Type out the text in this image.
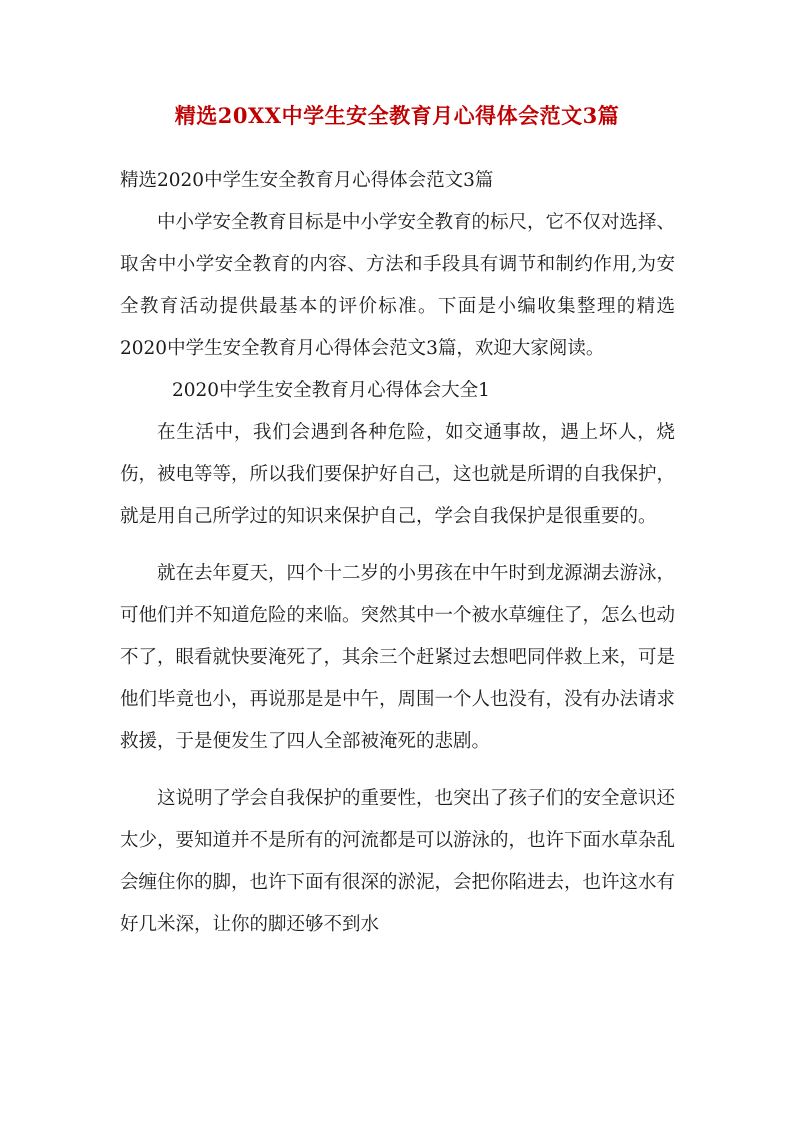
精选20XX中学生安全教育月心得体会范文3篇
精选2020中学生安全教育月心得体会范文3篇

中小学安全教育目标是中小学安全教育的标尺，它不仅对选择、取舍中小学安全教育的内容、方法和手段具有调节和制约作用,为安全教育活动提供最基本的评价标准。下面是小编收集整理的精选2020中学生安全教育月心得体会范文3篇，欢迎大家阅读。

2020中学生安全教育月心得体会大全1

在生活中，我们会遇到各种危险，如交通事故，遇上坏人，烧伤，被电等等，所以我们要保护好自己，这也就是所谓的自我保护，就是用自己所学过的知识来保护自己，学会自我保护是很重要的。

就在去年夏天，四个十二岁的小男孩在中午时到龙源湖去游泳，可他们并不知道危险的来临。突然其中一个被水草缠住了，怎么也动不了，眼看就快要淹死了，其余三个赶紧过去想吧同伴救上来，可是他们毕竟也小，再说那是是中午，周围一个人也没有，没有办法请求救援，于是便发生了四人全部被淹死的悲剧。

这说明了学会自我保护的重要性，也突出了孩子们的安全意识还太少，要知道并不是所有的河流都是可以游泳的，也许下面水草杂乱会缠住你的脚，也许下面有很深的淤泥，会把你陷进去，也许这水有好几米深，让你的脚还够不到水
